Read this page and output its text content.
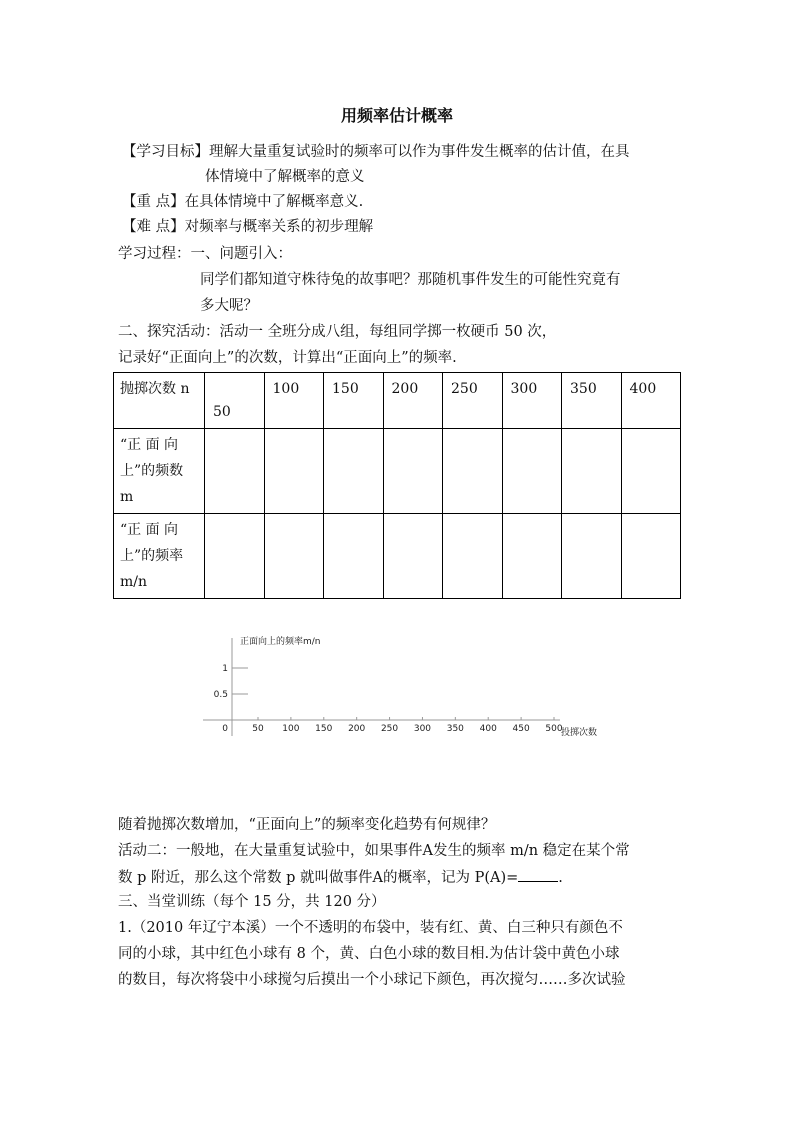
用频率估计概率
【学习目标】理解大量重复试验时的频率可以作为事件发生概率的估计值，在具
体情境中了解概率的意义
【重 点】在具体情境中了解概率意义.
【难 点】对频率与概率关系的初步理解
学习过程：一、问题引入：
同学们都知道守株待兔的故事吧？那随机事件发生的可能性究竟有
多大呢？
二、探究活动：活动一 全班分成八组，每组同学掷一枚硬币 50 次，
记录好“正面向上”的次数，计算出“正面向上”的频率.
抛掷次数 n	50	100	150	200	250	300	350	400

“正 面 向
上”的频数
m								

“正 面 向
上”的频率
m/n								

50 100 150 200 250 300 350 400 450 500
0.5
1
0
正面向上的频率m/n
投掷次数
随着抛掷次数增加，“正面向上”的频率变化趋势有何规律？
活动二：一般地，在大量重复试验中，如果事件A发生的频率 m/n 稳定在某个常
数 p 附近，那么这个常数 p 就叫做事件A的概率，记为 P(A)=	.
三、当堂训练（每个 15 分，共 120 分）
1.（2010 年辽宁本溪）一个不透明的布袋中，装有红、黄、白三种只有颜色不
同的小球，其中红色小球有 8 个，黄、白色小球的数目相.为估计袋中黄色小球
的数目，每次将袋中小球搅匀后摸出一个小球记下颜色，再次搅匀……多次试验
